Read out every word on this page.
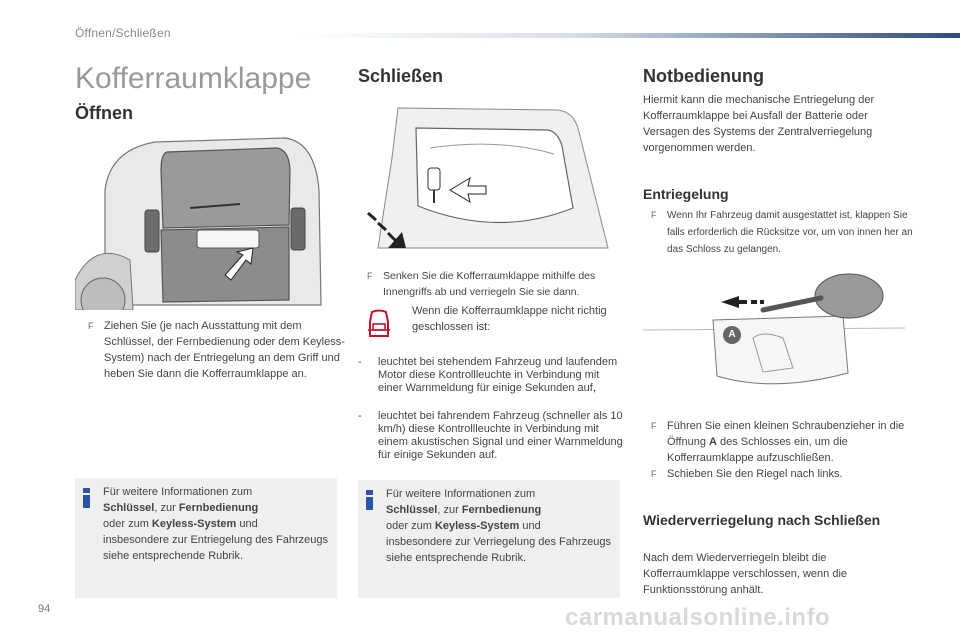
Öffnen/Schließen
Kofferraumklappe
Öffnen
F Ziehen Sie (je nach Ausstattung mit dem Schlüssel, der Fernbedienung oder dem Keyless-System) nach der Entriegelung an dem Griff und heben Sie dann die Kofferraumklappe an.
Für weitere Informationen zum
Schlüssel, zur Fernbedienung
oder zum Keyless-System und
insbesondere zur Entriegelung des Fahrzeugs siehe entsprechende Rubrik.
Schließen
F Senken Sie die Kofferraumklappe mithilfe des Innengriffs ab und verriegeln Sie sie dann.
Wenn die Kofferraumklappe nicht richtig geschlossen ist:
- leuchtet bei stehendem Fahrzeug und laufendem Motor diese Kontrollleuchte in Verbindung mit einer Warnmeldung für einige Sekunden auf,
- leuchtet bei fahrendem Fahrzeug (schneller als 10 km/h) diese Kontrollleuchte in Verbindung mit einem akustischen Signal und einer Warnmeldung für einige Sekunden auf.
Für weitere Informationen zum
Schlüssel, zur Fernbedienung
oder zum Keyless-System und
insbesondere zur Verriegelung des Fahrzeugs siehe entsprechende Rubrik.
Notbedienung
Hiermit kann die mechanische Entriegelung der Kofferraumklappe bei Ausfall der Batterie oder Versagen des Systems der Zentralverriegelung vorgenommen werden.
Entriegelung
F Wenn Ihr Fahrzeug damit ausgestattet ist, klappen Sie falls erforderlich die Rücksitze vor, um von innen her an das Schloss zu gelangen.
A
F Führen Sie einen kleinen Schraubenzieher in die Öffnung A des Schlosses ein, um die Kofferraumklappe aufzuschließen.
F Schieben Sie den Riegel nach links.
Wiederverriegelung nach Schließen
Nach dem Wiederverriegeln bleibt die Kofferraumklappe verschlossen, wenn die Funktionsstörung anhält.
94	carmanualsonline.info
